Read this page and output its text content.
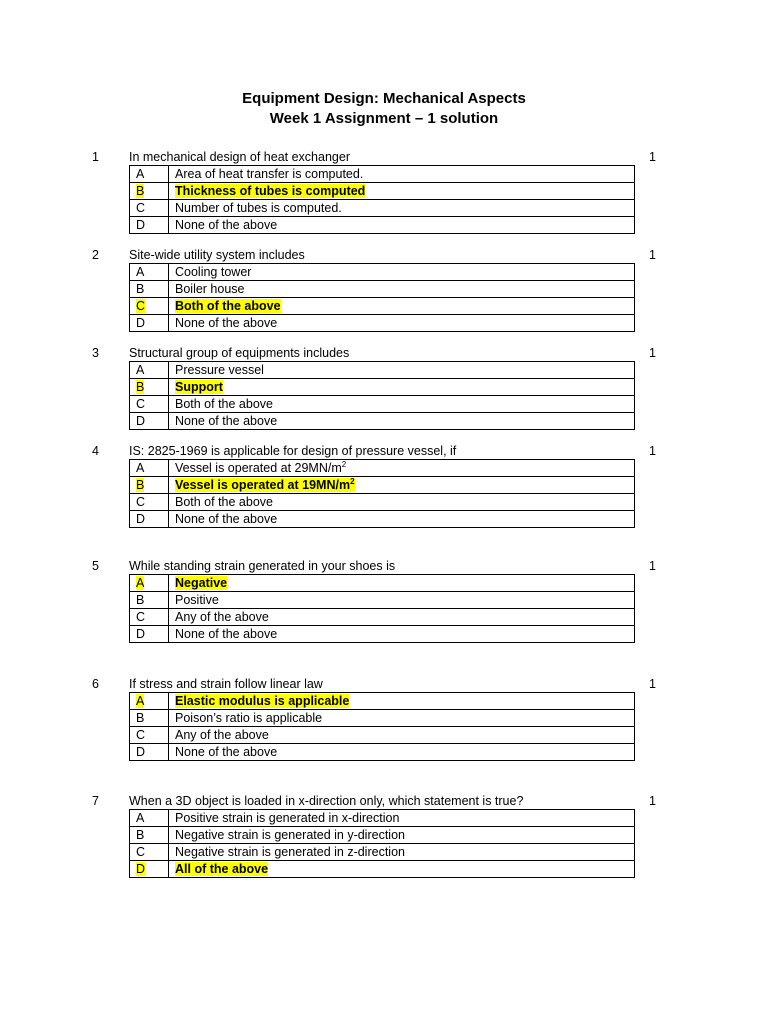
Equipment Design: Mechanical Aspects
Week 1 Assignment – 1 solution
1 In mechanical design of heat exchanger	1
A	Area of heat transfer is computed.
B	Thickness of tubes is computed
C	Number of tubes is computed.
D	None of the above
2 Site-wide utility system includes	1
A	Cooling tower
B	Boiler house
C	Both of the above
D	None of the above
3 Structural group of equipments includes	1
A	Pressure vessel
B	Support
C	Both of the above
D	None of the above
4 IS: 2825-1969 is applicable for design of pressure vessel, if	1
A	Vessel is operated at $29MN/m^2$
B	Vessel is operated at $19MN/m^2$
C	Both of the above
D	None of the above
5 While standing strain generated in your shoes is	1
A	Negative
B	Positive
C	Any of the above
D	None of the above
6 If stress and strain follow linear law	1
A	Elastic modulus is applicable
B	Poison’s ratio is applicable
C	Any of the above
D	None of the above
7 When a 3D object is loaded in x-direction only, which statement is true?	1
A	Positive strain is generated in x-direction
B	Negative strain is generated in y-direction
C	Negative strain is generated in z-direction
D	All of the above
